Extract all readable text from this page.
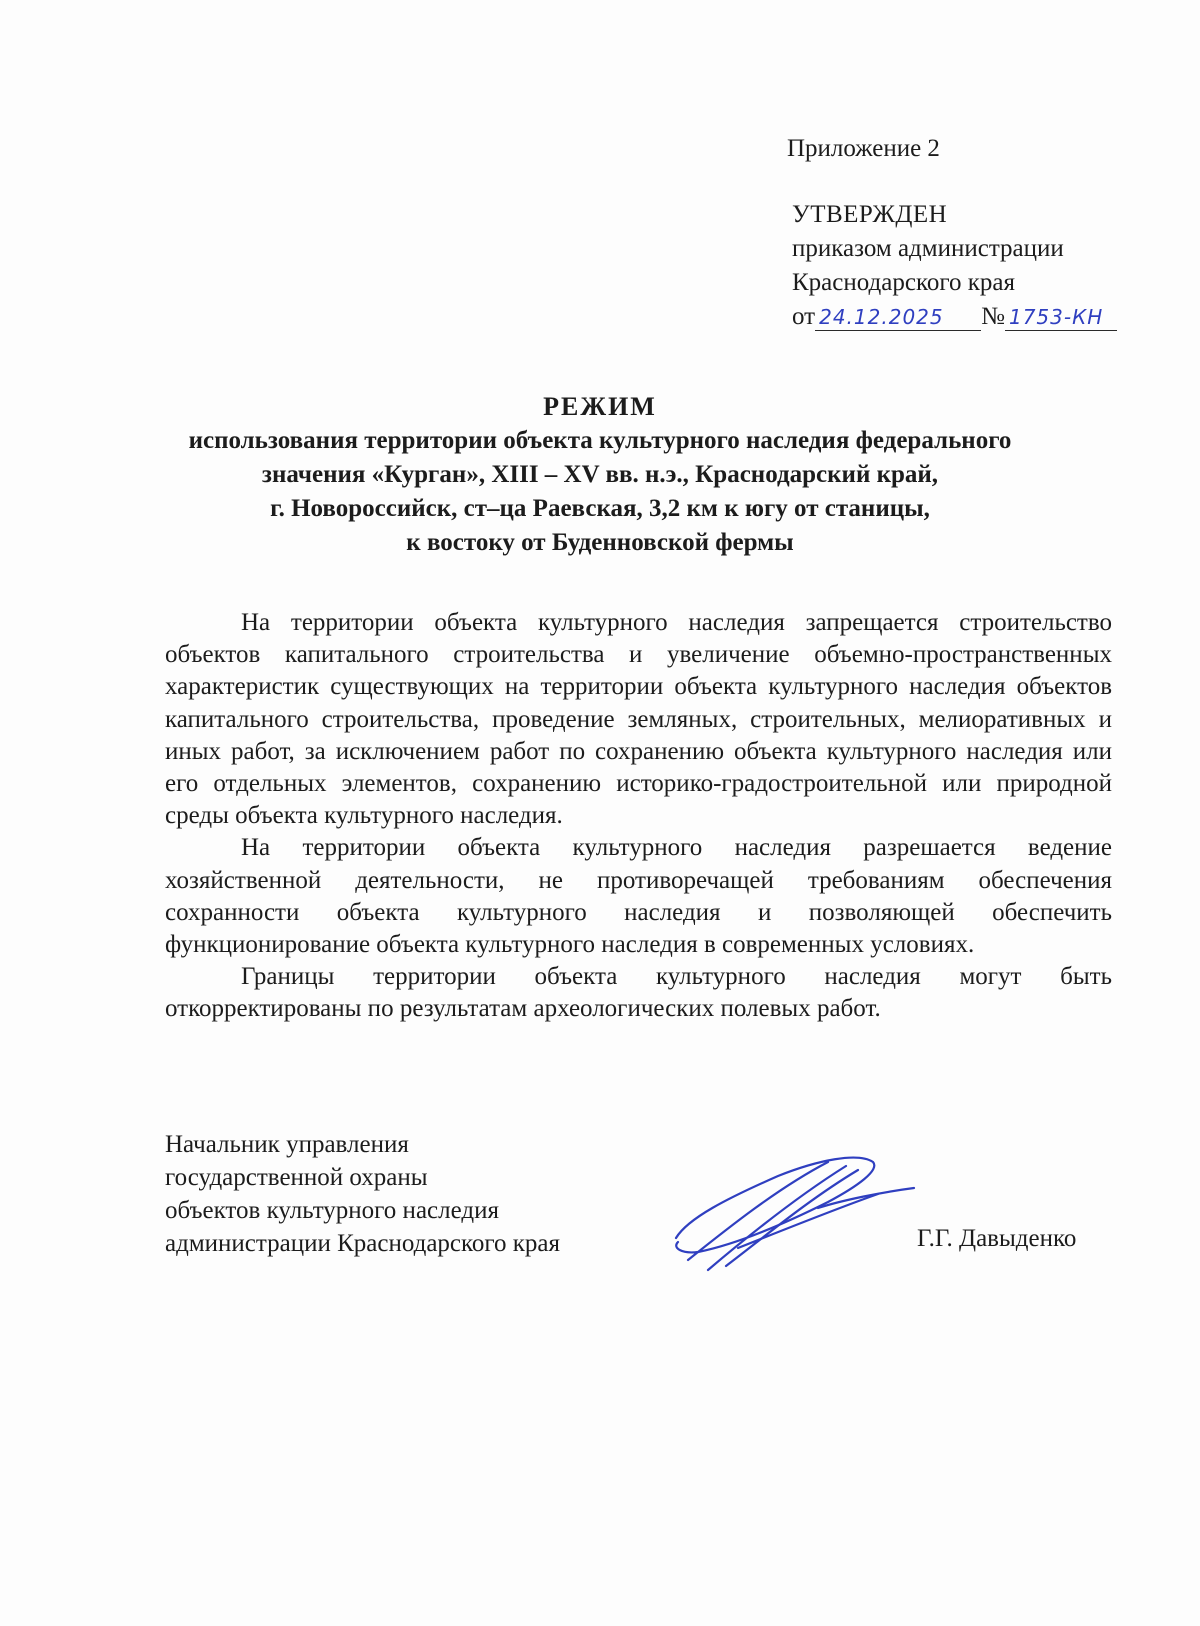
Приложение 2
УТВЕРЖДЕН
приказом администрации
Краснодарского края
от 24.12.2025 № 1753-КН
РЕЖИМ
использования территории объекта культурного наследия федерального
значения «Курган», XIII – XV вв. н.э., Краснодарский край,
г. Новороссийск, ст–ца Раевская, 3,2 км к югу от станицы,
к востоку от Буденновской фермы

На территории объекта культурного наследия запрещается строительство объектов капитального строительства и увеличение объемно-пространственных характеристик существующих на территории объекта культурного наследия объектов капитального строительства, проведение земляных, строительных, мелиоративных и иных работ, за исключением работ по сохранению объекта культурного наследия или его отдельных элементов, сохранению историко-градостроительной или природной среды объекта культурного наследия.

На территории объекта культурного наследия разрешается ведение хозяйственной деятельности, не противоречащей требованиям обеспечения сохранности объекта культурного наследия и позволяющей обеспечить функционирование объекта культурного наследия в современных условиях.

Границы территории объекта культурного наследия могут быть откорректированы по результатам археологических полевых работ.

Начальник управления
государственной охраны
объектов культурного наследия
администрации Краснодарского края	Г.Г. Давыденко
